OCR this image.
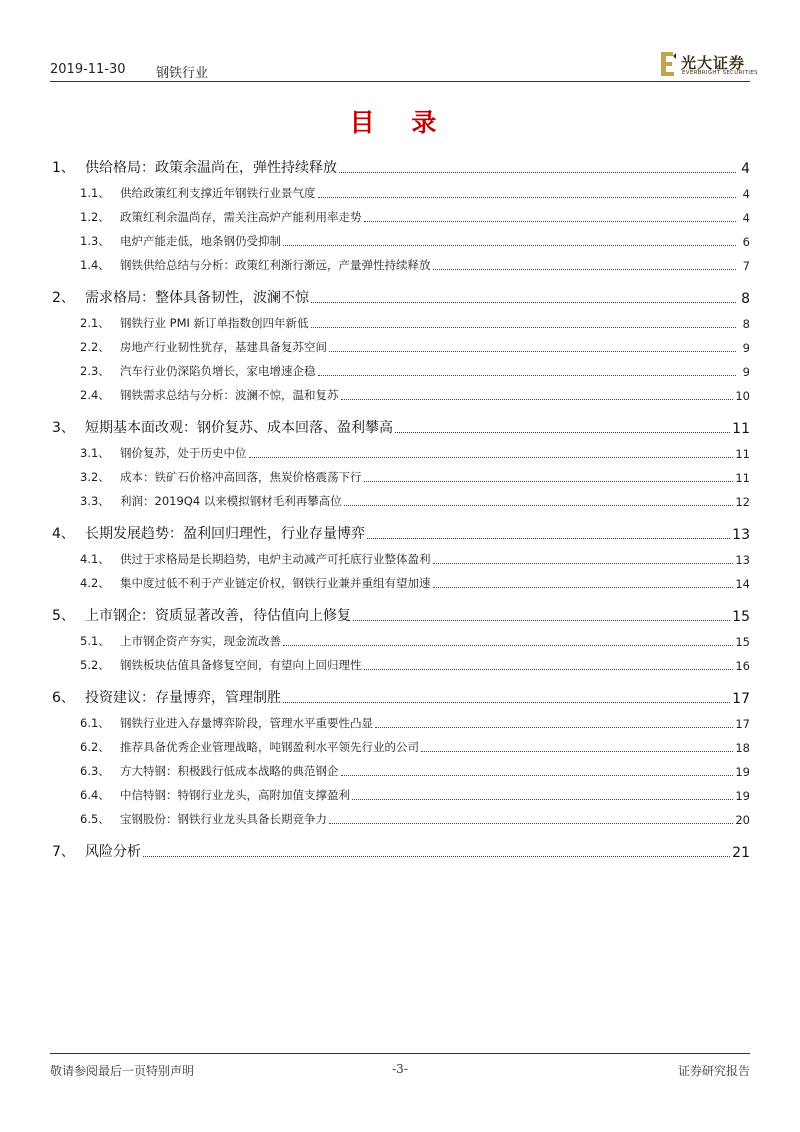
2019-11-30 钢铁行业
光大证券
EVERBRIGHT SECURITIES
目 录
1、 供给格局：政策余温尚在，弹性持续释放	4
1.1、 供给政策红利支撑近年钢铁行业景气度	4
1.2、 政策红利余温尚存，需关注高炉产能利用率走势	4
1.3、 电炉产能走低，地条钢仍受抑制	6
1.4、 钢铁供给总结与分析：政策红利渐行渐远，产量弹性持续释放	7
2、 需求格局：整体具备韧性，波澜不惊	8
2.1、 钢铁行业 PMI 新订单指数创四年新低	8
2.2、 房地产行业韧性犹存，基建具备复苏空间	9
2.3、 汽车行业仍深陷负增长，家电增速企稳	9
2.4、 钢铁需求总结与分析：波澜不惊，温和复苏	10
3、 短期基本面改观：钢价复苏、成本回落、盈利攀高	11
3.1、 钢价复苏，处于历史中位	11
3.2、 成本：铁矿石价格冲高回落，焦炭价格震荡下行	11
3.3、 利润：2019Q4 以来模拟钢材毛利再攀高位	12
4、 长期发展趋势：盈利回归理性，行业存量博弈	13
4.1、 供过于求格局是长期趋势，电炉主动减产可托底行业整体盈利	13
4.2、 集中度过低不利于产业链定价权，钢铁行业兼并重组有望加速	14
5、 上市钢企：资质显著改善，待估值向上修复	15
5.1、 上市钢企资产夯实，现金流改善	15
5.2、 钢铁板块估值具备修复空间，有望向上回归理性	16
6、 投资建议：存量博弈，管理制胜	17
6.1、 钢铁行业进入存量博弈阶段，管理水平重要性凸显	17
6.2、 推荐具备优秀企业管理战略，吨钢盈利水平领先行业的公司	18
6.3、 方大特钢：积极践行低成本战略的典范钢企	19
6.4、 中信特钢：特钢行业龙头，高附加值支撑盈利	19
6.5、 宝钢股份：钢铁行业龙头具备长期竞争力	20
7、 风险分析	21
敬请参阅最后一页特别声明	-3-	证券研究报告
